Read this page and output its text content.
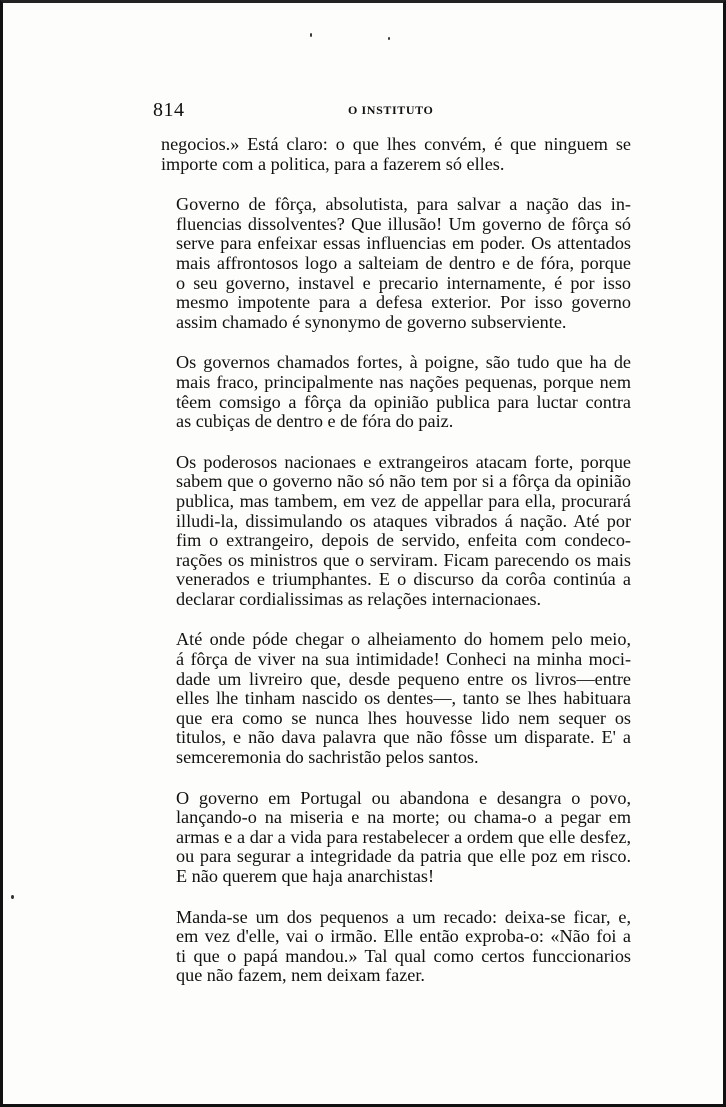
814	O INSTITUTO

negocios.» Está claro: o que lhes convém, é que ninguem se
importe com a politica, para a fazerem só elles.

Governo de fôrça, absolutista, para salvar a nação das in-
fluencias dissolventes? Que illusão! Um governo de fôrça só
serve para enfeixar essas influencias em poder. Os attentados
mais affrontosos logo a salteiam de dentro e de fóra, porque
o seu governo, instavel e precario internamente, é por isso
mesmo impotente para a defesa exterior. Por isso governo
assim chamado é synonymo de governo subserviente.

Os governos chamados fortes, à poigne, são tudo que ha de
mais fraco, principalmente nas nações pequenas, porque nem
têem comsigo a fôrça da opinião publica para luctar contra
as cubiças de dentro e de fóra do paiz.

Os poderosos nacionaes e extrangeiros atacam forte, porque
sabem que o governo não só não tem por si a fôrça da opinião
publica, mas tambem, em vez de appellar para ella, procurará
illudi-la, dissimulando os ataques vibrados á nação. Até por
fim o extrangeiro, depois de servido, enfeita com condeco-
rações os ministros que o serviram. Ficam parecendo os mais
venerados e triumphantes. E o discurso da corôa continúa a
declarar cordialissimas as relações internacionaes.

Até onde póde chegar o alheiamento do homem pelo meio,
á fôrça de viver na sua intimidade! Conheci na minha moci-
dade um livreiro que, desde pequeno entre os livros—entre
elles lhe tinham nascido os dentes—, tanto se lhes habituara
que era como se nunca lhes houvesse lido nem sequer os
titulos, e não dava palavra que não fôsse um disparate. E' a
semceremonia do sachristão pelos santos.

O governo em Portugal ou abandona e desangra o povo,
lançando-o na miseria e na morte; ou chama-o a pegar em
armas e a dar a vida para restabelecer a ordem que elle desfez,
ou para segurar a integridade da patria que elle poz em risco.
E não querem que haja anarchistas!

Manda-se um dos pequenos a um recado: deixa-se ficar, e,
em vez d'elle, vai o irmão. Elle então exproba-o: «Não foi a
ti que o papá mandou.» Tal qual como certos funccionarios
que não fazem, nem deixam fazer.
